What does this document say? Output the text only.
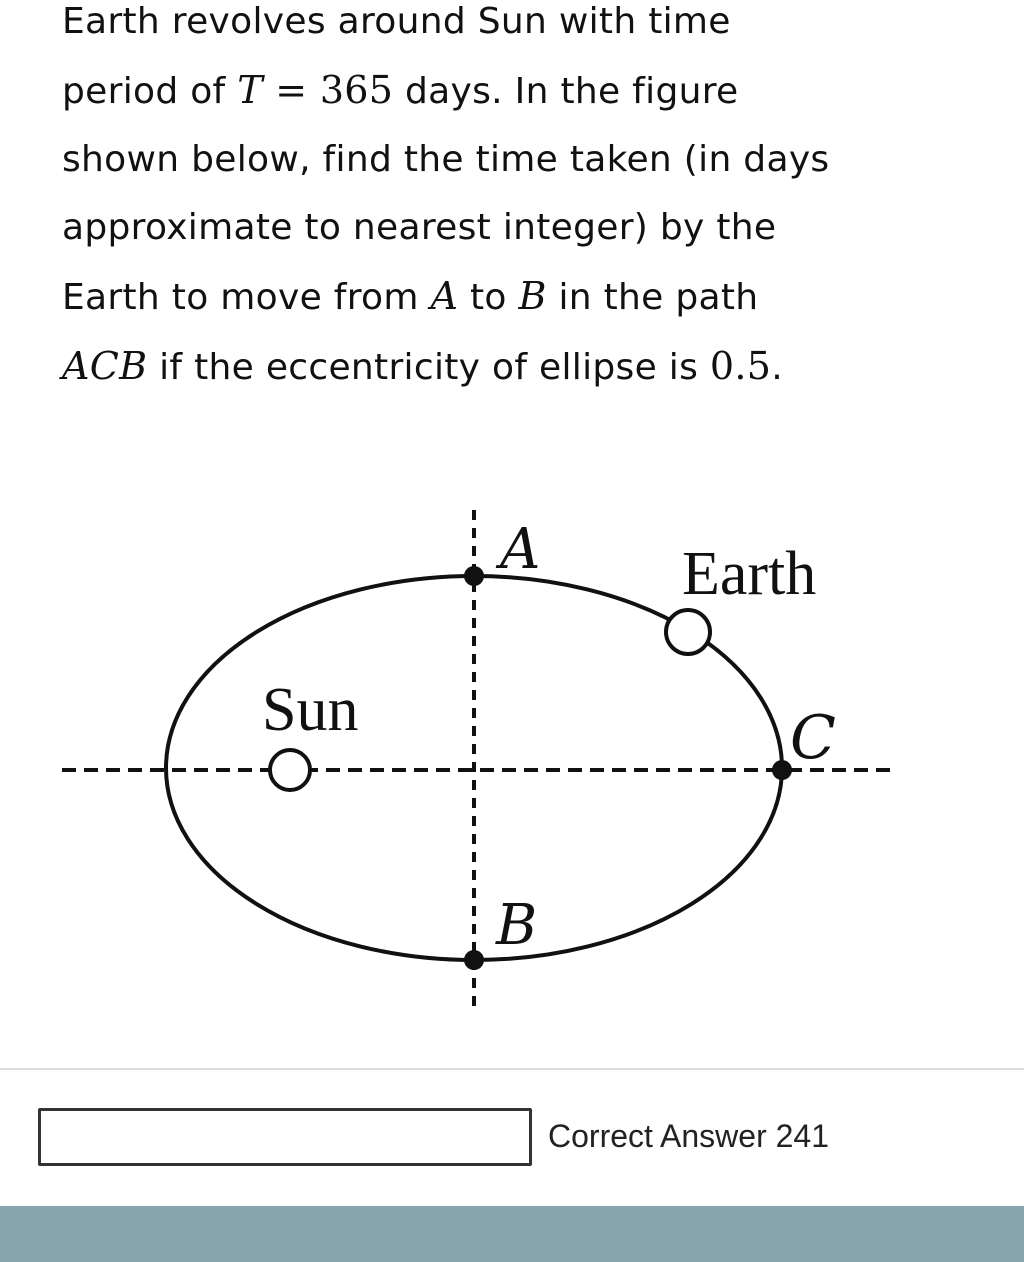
Earth revolves around Sun with time
period of T = 365 days. In the figure
shown below, find the time taken (in days
approximate to nearest integer) by the
Earth to move from A to B in the path
ACB if the eccentricity of ellipse is 0.5.
A
B
C
Sun
Earth
Correct Answer 241
